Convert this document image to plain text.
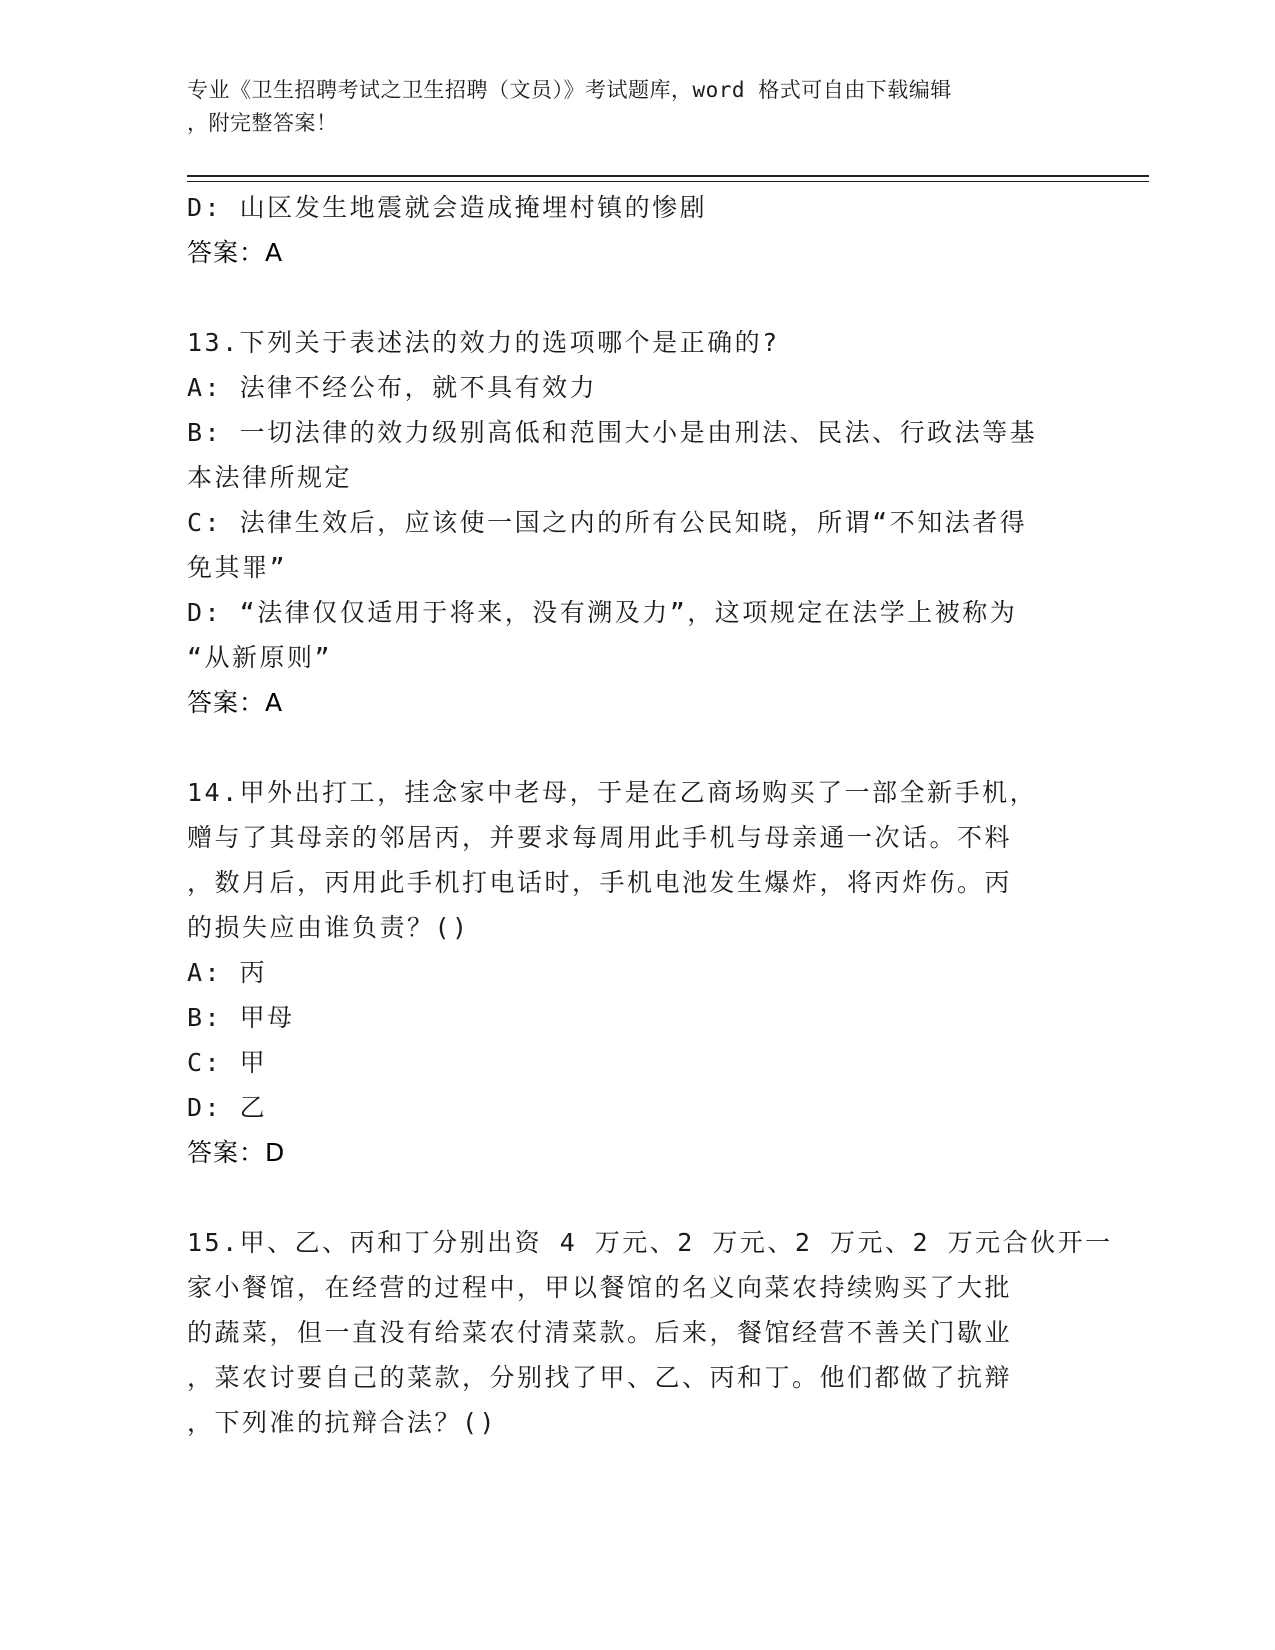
专业《卫生招聘考试之卫生招聘（文员）》考试题库，word 格式可自由下载编辑
，附完整答案！
D: 山区发生地震就会造成掩埋村镇的惨剧
答案：A
13.下列关于表述法的效力的选项哪个是正确的?
A: 法律不经公布，就不具有效力
B: 一切法律的效力级别高低和范围大小是由刑法、民法、行政法等基
本法律所规定
C: 法律生效后，应该使一国之内的所有公民知晓，所谓“不知法者得
免其罪”
D: “法律仅仅适用于将来，没有溯及力”，这项规定在法学上被称为
“从新原则”
答案：A
14.甲外出打工，挂念家中老母，于是在乙商场购买了一部全新手机，
赠与了其母亲的邻居丙，并要求每周用此手机与母亲通一次话。不料
，数月后，丙用此手机打电话时，手机电池发生爆炸，将丙炸伤。丙
的损失应由谁负责？()
A: 丙
B: 甲母
C: 甲
D: 乙
答案：D
15.甲、乙、丙和丁分别出资 4 万元、2 万元、2 万元、2 万元合伙开一
家小餐馆，在经营的过程中，甲以餐馆的名义向菜农持续购买了大批
的蔬菜，但一直没有给菜农付清菜款。后来，餐馆经营不善关门歇业
，菜农讨要自己的菜款，分别找了甲、乙、丙和丁。他们都做了抗辩
，下列准的抗辩合法？()
